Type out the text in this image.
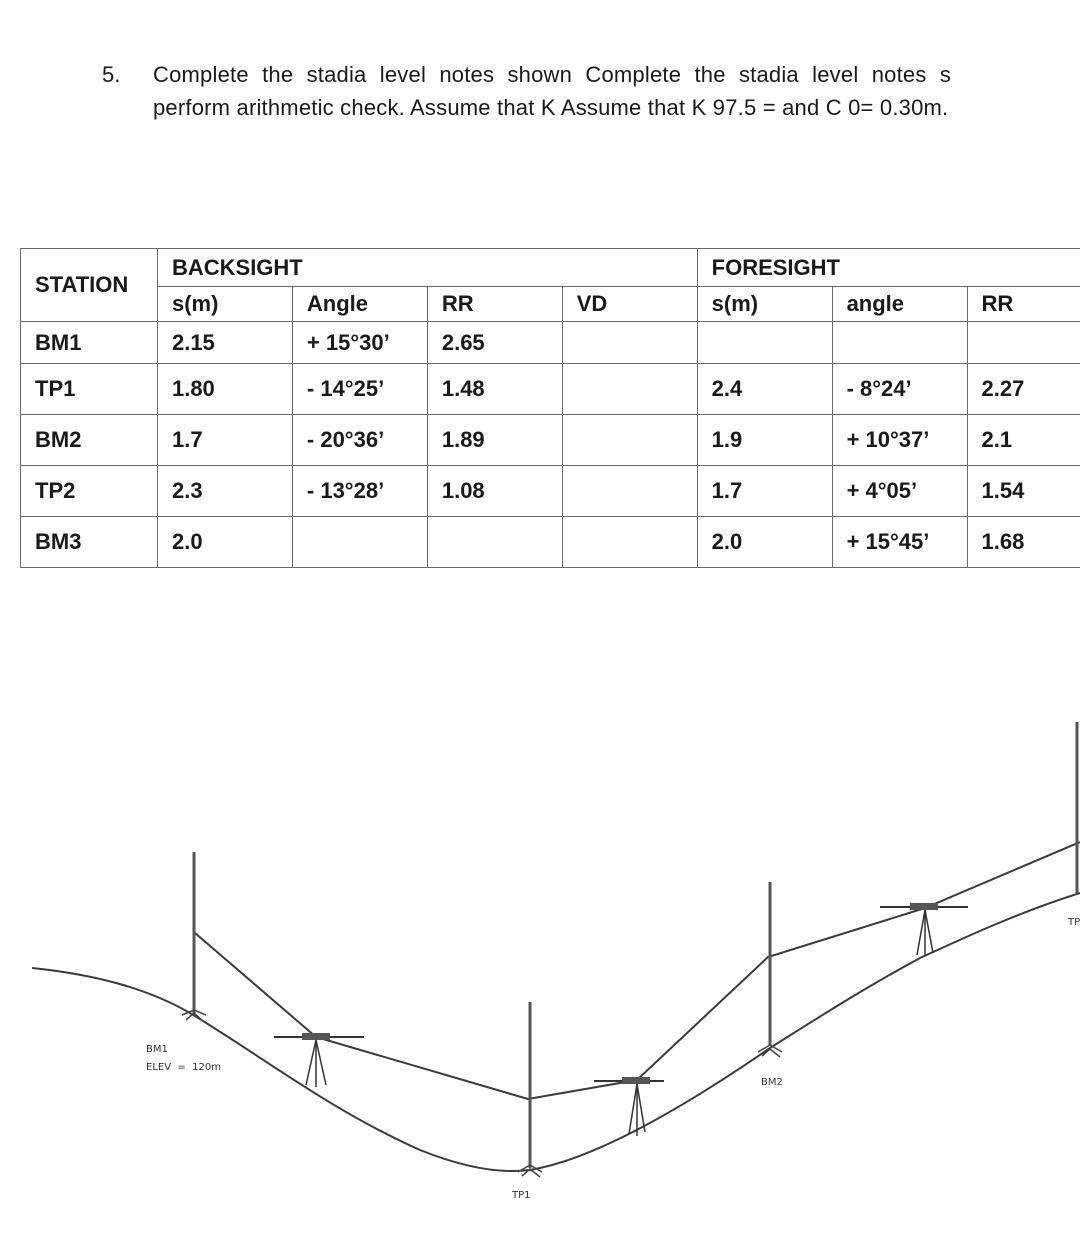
5. Complete the stadia level notes shown Complete the stadia level notes s
perform arithmetic check. Assume that K Assume that K 97.5 = and C 0= 0.30m.
STATION	BACKSIGHT				FORESIGHT		
	s(m)	Angle	RR	VD	s(m)	angle	RR
BM1	2.15	+ 15°30’	2.65				
TP1	1.80	- 14°25’	1.48		2.4	- 8°24’	2.27
BM2	1.7	- 20°36’	1.89		1.9	+ 10°37’	2.1
TP2	2.3	- 13°28’	1.08		1.7	+ 4°05’	1.54
BM3	2.0				2.0	+ 15°45’	1.68
BM1
ELEV  =  120m
TP1
BM2
TP
